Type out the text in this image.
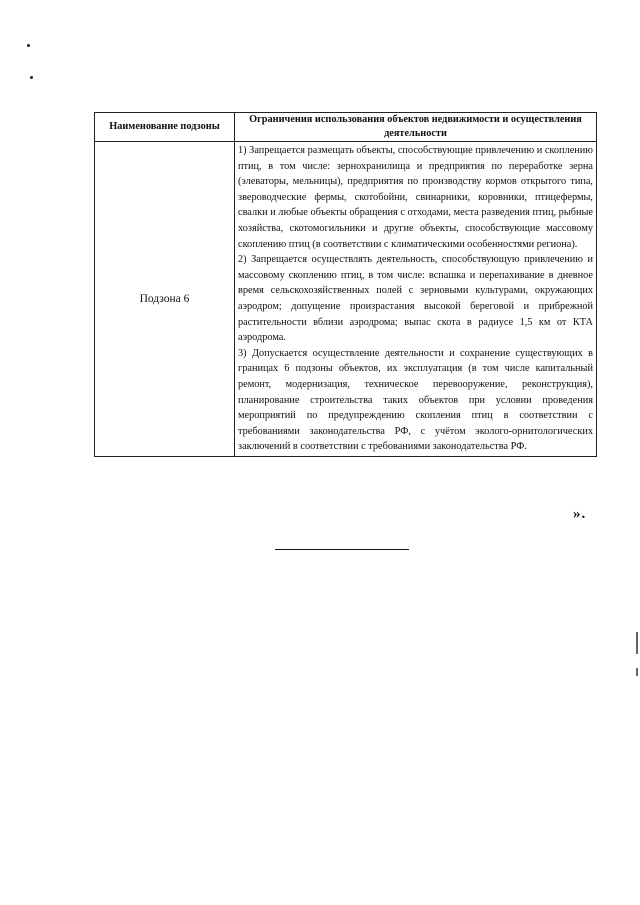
Наименование подзоны	Ограничения использования объектов недвижимости и осуществления деятельности
Подзона 6	1) Запрещается размещать объекты, способствующие привлечению и скоплению птиц, в том числе: зернохранилища и предприятия по переработке зерна (элеваторы, мельницы), предприятия по производству кормов открытого типа, звероводческие фермы, скотобойни, свинарники, коровники, птицефермы, свалки и любые объекты обращения с отходами, места разведения птиц, рыбные хозяйства, скотомогильники и другие объекты, способствующие массовому скоплению птиц (в соответствии с климатическими особенностями региона).

2) Запрещается осуществлять деятельность, способствующую привлечению и массовому скоплению птиц, в том числе: вспашка и перепахивание в дневное время сельскохозяйственных полей с зерновыми культурами, окружающих аэродром; допущение произрастания высокой береговой и прибрежной растительности вблизи аэродрома; выпас скота в радиусе 1,5 км от КТА аэродрома.

3) Допускается осуществление деятельности и сохранение существующих в границах 6 подзоны объектов, их эксплуатация (в том числе капитальный ремонт, модернизация, техническое перевооружение, реконструкция), планирование строительства таких объектов при условии проведения мероприятий по предупреждению скопления птиц в соответствии с требованиями законодательства РФ, с учётом эколого-орнитологических заключений в соответствии с требованиями законодательства РФ.

».
